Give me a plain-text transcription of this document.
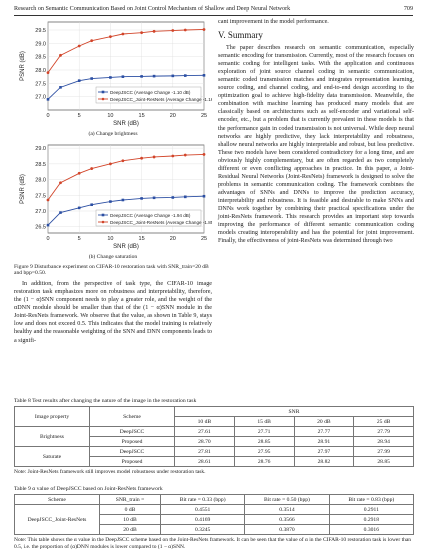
Research on Semantic Communication Based on Joint Control Mechanism of Shallow and Deep Neural Network	709
27.0
27.5
28.0
28.5
29.0
29.5
0	5	10	15	20	25
SNR (dB)
PSNR (dB)
DeepJSCC (Average Change -1.10 dB)
DeepJSCC_Joint-ResNets (Average Change -1.16 dB)
(a) Change brightness
26.5
27.0
27.5
28.0
28.5
29.0
0	5	10	15	20	25
SNR (dB)
PSNR (dB)
DeepJSCC (Average Change -1.94 dB)
DeepJSCC_Joint-ResNets (Average Change -1.85 dB)
(b) Change saturation
Figure 9 Disturbance experiment on CIFAR-10 restoration task with SNR_train=20 dB and bpp=0.50.

In addition, from the perspective of task type, the CIFAR-10 image restoration task emphasizes more on robustness and interpretability, therefore, the (1 − α)SNN component needs to play a greater role, and the weight of the αDNN module should be smaller than that of the (1 − α)SNN module in the Joint-ResNets framework. We observe that the value, as shown in Table 9, stays low and does not exceed 0.5. This indicates that the model training is relatively healthy and the reasonable weighting of the SNN and DNN components leads to a signifi-

cant improvement in the model performance.

V. Summary

The paper describes research on semantic communication, especially semantic encoding for transmission. Currently, most of the research focuses on semantic coding for intelligent tasks. With the application and continuous exploration of joint source channel coding in semantic communication, semantic coded transmission matches and integrates representation learning, source coding, and channel coding, and end-to-end design according to the optimization goal to achieve high-fidelity data transmission. Meanwhile, the combination with machine learning has produced many models that are classically based on architectures such as self-encoder and variational self-encoder, etc., but a problem that is currently prevalent in these models is that the performance gain in coded transmission is not universal. While deep neural networks are highly predictive, they lack interpretability and robustness, shallow neural networks are highly interpretable and robust, but less predictive. These two models have been considered contradictory for a long time, and are obviously highly complementary, but are often regarded as two completely different or even conflicting approaches in practice. In this paper, a Joint-Residual Neural Networks (Joint-ResNets) framework is designed to solve the problems in semantic communication coding. The framework combines the advantages of SNNs and DNNs to improve the prediction accuracy, interpretability and robustness. It is feasible and desirable to make SNNs and DNNs work together by combining their practical specifications under the joint-ResNets framework. This research provides an important step towards improving the performance of different semantic communication coding models creating interoperability and has the potential for joint improvement. Finally, the effectiveness of joint-ResNets was determined through two

Table 8 Test results after changing the nature of the image in the restoration task
Image property	Scheme	SNR			
		10 dB	15 dB	20 dB	25 dB
Brightness	DeepJSCC	27.61	27.71	27.77	27.79
	Proposed	28.70	28.85	28.91	28.94
Saturate	DeepJSCC	27.81	27.95	27.97	27.99
	Proposed	28.61	28.76	28.82	28.85
Note: Joint-ResNets framework still improves model robustness under restoration task.
Table 9 α value of DeepJSCC based on Joint-ResNets framework
Scheme	SNR_train =	Bit rate = 0.33 (bpp)	Bit rate = 0.50 (bpp)	Bit rate = 0.83 (bpp)
DeepJSCC_Joint-ResNets	0 dB	0.4551	0.3514	0.2911
	10 dB	0.4169	0.3566	0.2918
	20 dB	0.3245	0.3870	0.3016
Note: This table shows the α value in the DeepJSCC scheme based on the Joint-ResNets framework. It can be seen that the value of α in the CIFAR-10 restoration task is lower than 0.5, i.e. the proportion of (α)DNN modules is lower compared to (1 − α)SNN.
